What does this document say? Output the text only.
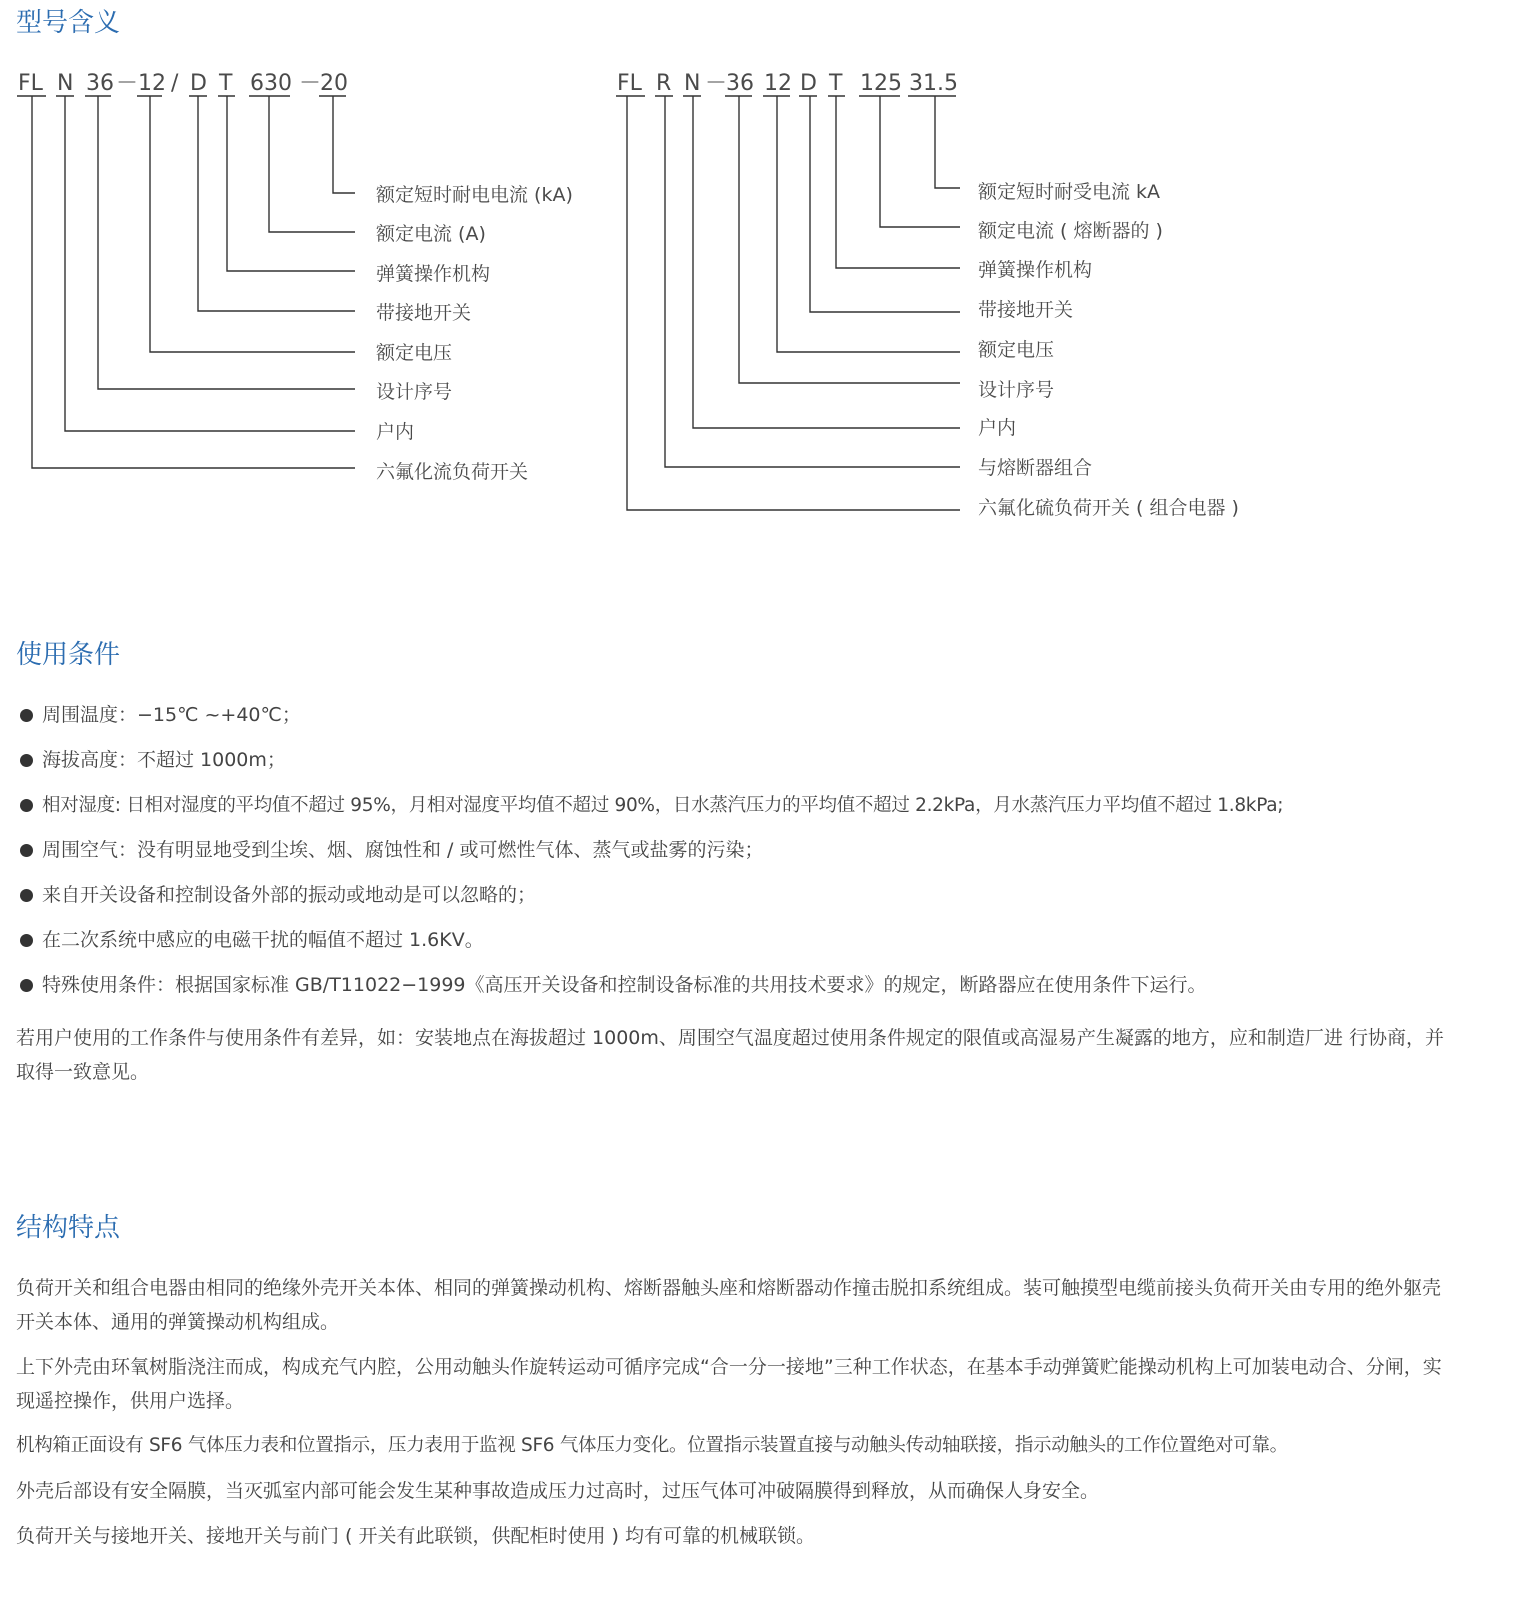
型号含义
FL N 36 － 12 / D T 630 －
20
额定短时耐电电流 (kA)
额定电流 (A)
弹簧操作机构
带接地开关
额定电压
设计序号
户内
六氟化流负荷开关
FL R N －
36 12 D T 125 31.5
额定短时耐受电流 kA
额定电流 ( 熔断器的 )
弹簧操作机构
带接地开关
额定电压
设计序号
户内
与熔断器组合
六氟化硫负荷开关 ( 组合电器 )
使用条件
周围温度：−15℃ ~+40℃；
海拔高度：不超过 1000m；
相对湿度: 日相对湿度的平均值不超过 95%，月相对湿度平均值不超过 90%，日水蒸汽压力的平均值不超过 2.2kPa，月水蒸汽压力平均值不超过 1.8kPa;
周围空气：没有明显地受到尘埃、烟、腐蚀性和 / 或可燃性气体、蒸气或盐雾的污染；
来自开关设备和控制设备外部的振动或地动是可以忽略的；
在二次系统中感应的电磁干扰的幅值不超过 1.6KV。
特殊使用条件：根据国家标准 GB/T11022−1999《高压开关设备和控制设备标准的共用技术要求》的规定，断路器应在使用条件下运行。

若用户使用的工作条件与使用条件有差异，如：安装地点在海拔超过 1000m、周围空气温度超过使用条件规定的限值或高湿易产生凝露的地方，应和制造厂进 行协商，并取得一致意见。

结构特点

负荷开关和组合电器由相同的绝缘外壳开关本体、相同的弹簧操动机构、熔断器触头座和熔断器动作撞击脱扣系统组成。装可触摸型电缆前接头负荷开关由专用的绝外躯壳开关本体、通用的弹簧操动机构组成。

上下外壳由环氧树脂浇注而成，构成充气内腔，公用动触头作旋转运动可循序完成“合一分一接地”三种工作状态，在基本手动弹簧贮能操动机构上可加装电动合、分闸，实现遥控操作，供用户选择。

机构箱正面设有 SF6 气体压力表和位置指示，压力表用于监视 SF6 气体压力变化。位置指示装置直接与动触头传动轴联接，指示动触头的工作位置绝对可靠。

外壳后部设有安全隔膜，当灭弧室内部可能会发生某种事故造成压力过高时，过压气体可冲破隔膜得到释放，从而确保人身安全。

负荷开关与接地开关、接地开关与前门 ( 开关有此联锁，供配柜时使用 ) 均有可靠的机械联锁。
